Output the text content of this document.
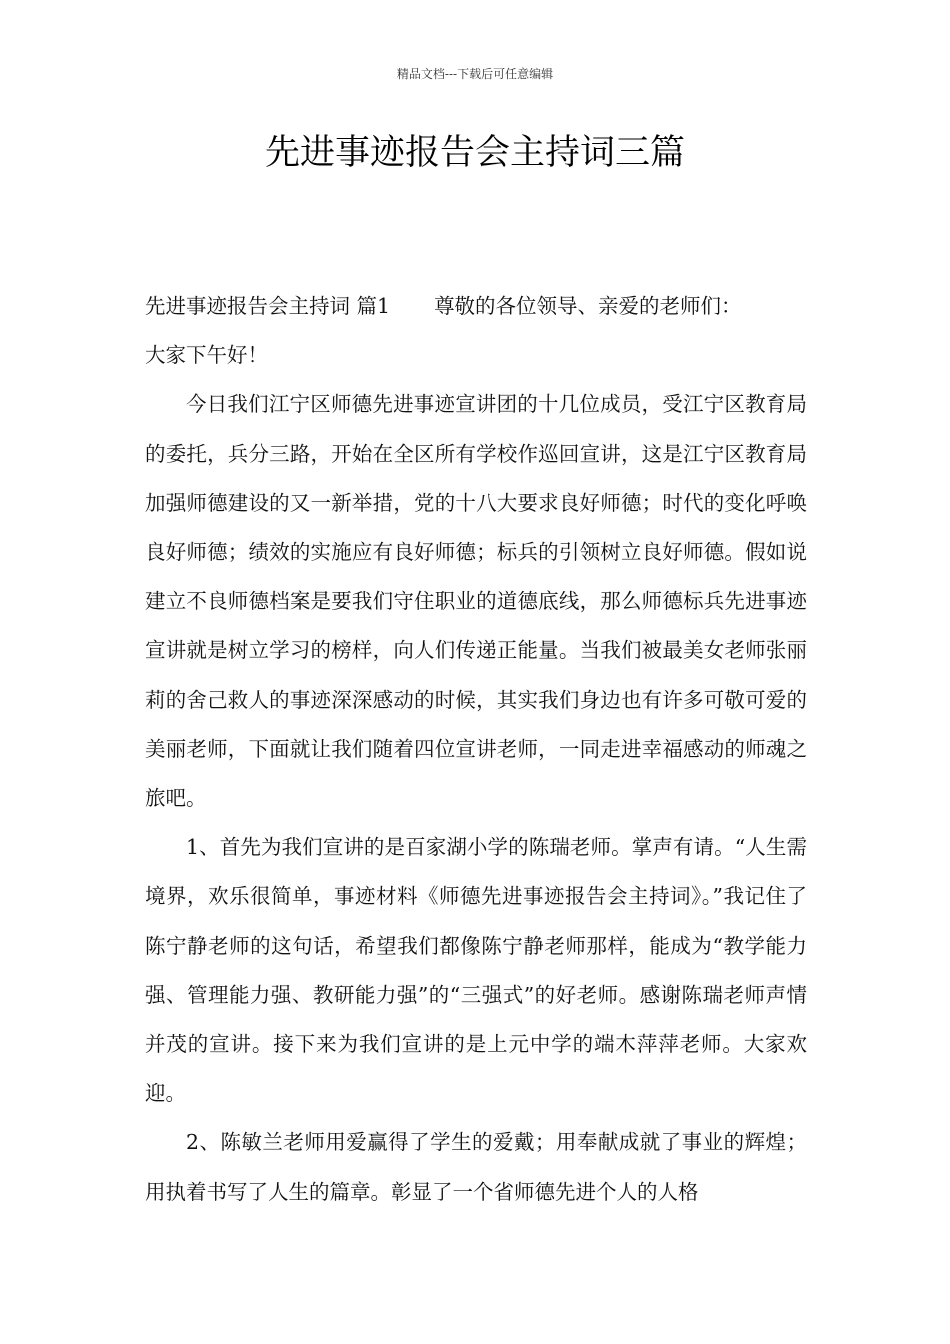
精品文档---下载后可任意编辑
先进事迹报告会主持词三篇

先进事迹报告会主持词 篇1 尊敬的各位领导、亲爱的老师们：

大家下午好！

今日我们江宁区师德先进事迹宣讲团的十几位成员，受江宁区教育局的委托，兵分三路，开始在全区所有学校作巡回宣讲，这是江宁区教育局加强师德建设的又一新举措，党的十八大要求良好师德；时代的变化呼唤良好师德；绩效的实施应有良好师德；标兵的引领树立良好师德。假如说建立不良师德档案是要我们守住职业的道德底线，那么师德标兵先进事迹宣讲就是树立学习的榜样，向人们传递正能量。当我们被最美女老师张丽莉的舍己救人的事迹深深感动的时候，其实我们身边也有许多可敬可爱的美丽老师，下面就让我们随着四位宣讲老师，一同走进幸福感动的师魂之旅吧。

1、首先为我们宣讲的是百家湖小学的陈瑞老师。掌声有请。“人生需境界，欢乐很简单，事迹材料《师德先进事迹报告会主持词》。”我记住了陈宁静老师的这句话，希望我们都像陈宁静老师那样，能成为“教学能力强、管理能力强、教研能力强”的“三强式”的好老师。感谢陈瑞老师声情并茂的宣讲。接下来为我们宣讲的是上元中学的端木萍萍老师。大家欢迎。

2、陈敏兰老师用爱赢得了学生的爱戴；用奉献成就了事业的辉煌；用执着书写了人生的篇章。彰显了一个省师德先进个人的人格
